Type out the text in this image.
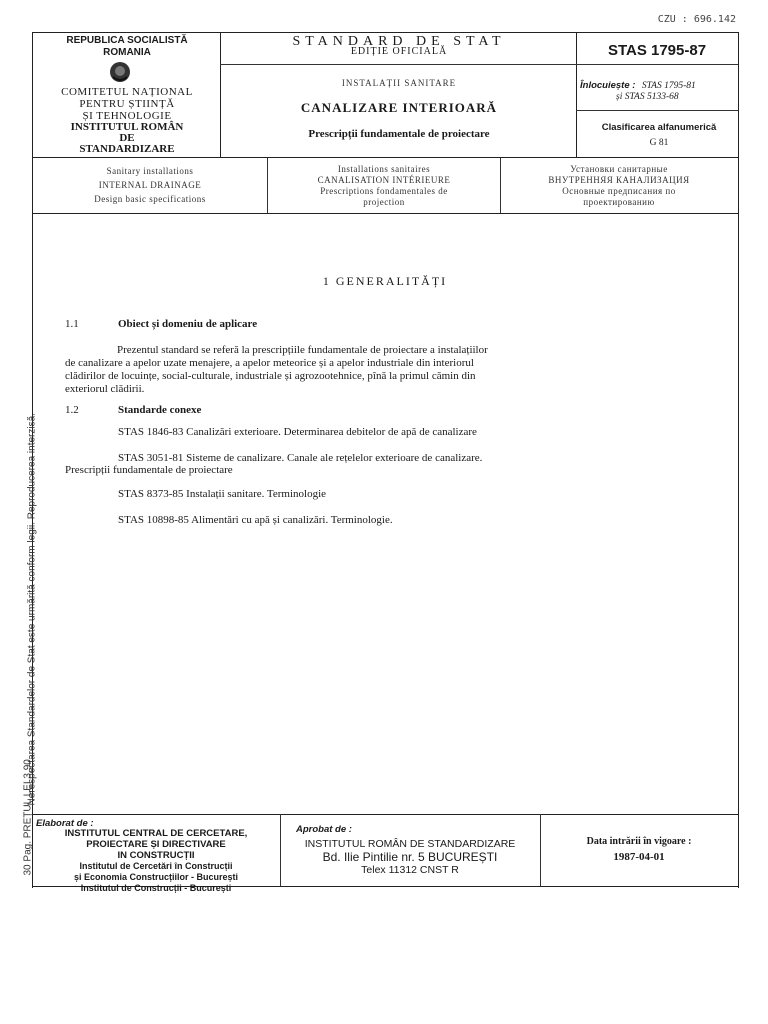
CZU : 696.142
REPUBLICA SOCIALISTĂ
ROMANIA
COMITETUL NAȚIONAL
PENTRU ȘTIINȚĂ
ȘI TEHNOLOGIE
INSTITUTUL ROMÂN
DE
STANDARDIZARE
STANDARD DE STAT
EDIȚIE OFICIALĂ
INSTALAȚII SANITARE
CANALIZARE INTERIOARĂ
Prescripții fundamentale de proiectare
STAS 1795-87
Înlocuiește : STAS 1795-81
și STAS 5133-68
Clasificarea alfanumerică
G 81
Sanitary installations
INTERNAL DRAINAGE
Design basic specifications
Installations sanitaires
CANALISATION INTÉRIEURE
Prescriptions fondamentales de
projection
Установки санитарные
ВНУТРЕННЯЯ КАНАЛИЗАЦИЯ
Основные предписания по
проектированию
1 GENERALITĂȚI
1.1	Obiect și domeniu de aplicare
Prezentul standard se referă la prescripțiile fundamentale de proiectare a instalațiilor
de canalizare a apelor uzate menajere, a apelor meteorice și a apelor industriale din interiorul
clădirilor de locuințe, social-culturale, industriale și agrozootehnice, pînă la primul cămin din
exteriorul clădirii.
1.2	Standarde conexe
STAS 1846-83 Canalizări exterioare. Determinarea debitelor de apă de canalizare
STAS 3051-81 Sisteme de canalizare. Canale ale rețelelor exterioare de canalizare.
Prescripții fundamentale de proiectare
STAS 8373-85 Instalații sanitare. Terminologie
STAS 10898-85 Alimentări cu apă și canalizări. Terminologie.
Elaborat de :
INSTITUTUL CENTRAL DE CERCETARE,
PROIECTARE ȘI DIRECTIVARE
IN CONSTRUCȚII
Institutul de Cercetări în Construcții
și Economia Construcțiilor - București
Institutul de Construcții - București
Aprobat de :
INSTITUTUL ROMÂN DE STANDARDIZARE
Bd. Ilie Pintilie nr. 5 BUCUREȘTI
Telex 11312 CNST R
Data intrării în vigoare :
1987-04-01
Nerespectarea Standardelor de Stat este urmărită conform legii. Reproducerea interzisă.
30 Pag. PREȚUL LEI 3,90
